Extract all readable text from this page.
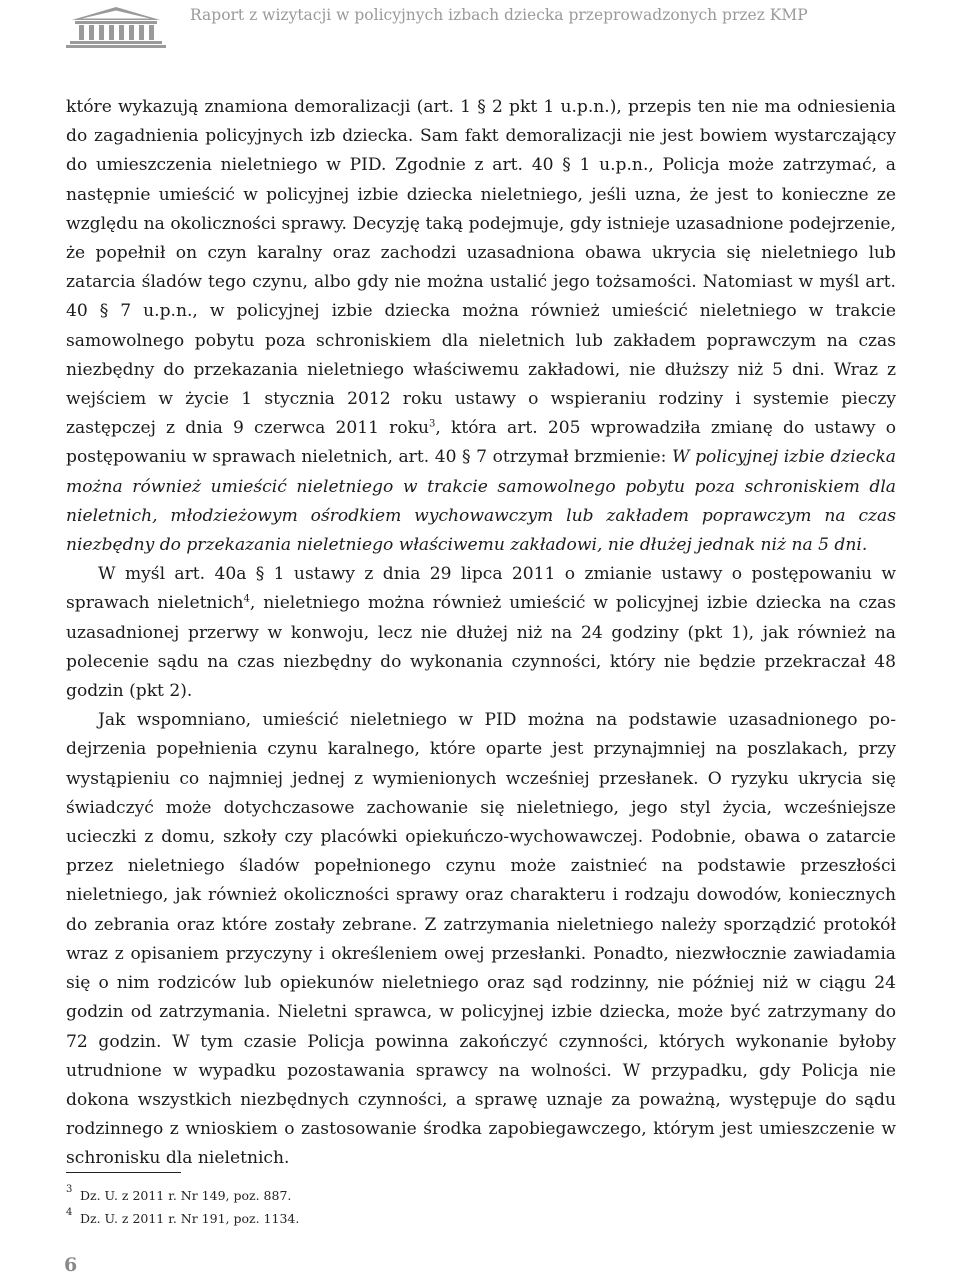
Raport z wizytacji w policyjnych izbach dziecka przeprowadzonych przez KMP

które wykazują znamiona demoralizacji (art. 1 § 2 pkt 1 u.p.n.), przepis ten nie ma odniesienia do zagadnienia policyjnych izb dziecka. Sam fakt demoralizacji nie jest bowiem wystarczający do umieszczenia nieletniego w PID. Zgodnie z art. 40 § 1 u.p.n., Policja może zatrzymać, a następnie umieścić w policyjnej izbie dziecka nieletniego, jeśli uzna, że jest to konieczne ze względu na okoliczności sprawy. Decyzję taką podejmuje, gdy istnieje uzasadnione podejrzenie, że popełnił on czyn karalny oraz zachodzi uzasadniona obawa ukrycia się nieletniego lub zatarcia śladów tego czynu, albo gdy nie można ustalić jego tożsamości. Natomiast w myśl art. 40 § 7 u.p.n., w policyjnej izbie dziecka można również umieścić nieletniego w trakcie samowolnego pobytu poza schroniskiem dla nieletnich lub zakładem poprawczym na czas niezbędny do przekazania nieletniego właściwemu zakładowi, nie dłuższy niż 5 dni. Wraz z wejściem w życie 1 stycznia 2012 roku ustawy o wspieraniu rodziny i systemie pieczy zastępczej z dnia 9 czerwca 2011 roku$^3$, która art. 205 wprowadziła zmianę do ustawy o postępowaniu w sprawach nieletnich, art. 40 § 7 otrzymał brzmienie: W policyjnej izbie dziecka można również umieścić nieletniego w trakcie samowolnego pobytu poza schroniskiem dla nieletnich, młodzieżowym ośrodkiem wychowawczym lub zakładem poprawczym na czas niezbędny do przekazania nieletniego właściwemu zakładowi, nie dłużej jednak niż na 5 dni.

W myśl art. 40a § 1 ustawy z dnia 29 lipca 2011 o zmianie ustawy o postępowaniu w sprawach nieletnich$^4$, nieletniego można również umieścić w policyjnej izbie dziecka na czas uzasadnionej przerwy w konwoju, lecz nie dłużej niż na 24 godziny (pkt 1), jak również na polecenie sądu na czas niezbędny do wykonania czynności, który nie będzie przekraczał 48 godzin (pkt 2).

Jak wspomniano, umieścić nieletniego w PID można na podstawie uzasadnionego podejrzenia popełnienia czynu karalnego, które oparte jest przynajmniej na poszlakach, przy wystąpieniu co najmniej jednej z wymienionych wcześniej przesłanek. O ryzyku ukrycia się świadczyć może dotychczasowe zachowanie się nieletniego, jego styl życia, wcześniejsze ucieczki z domu, szkoły czy placówki opiekuńczo-wychowawczej. Podobnie, obawa o zatarcie przez nieletniego śladów popełnionego czynu może zaistnieć na podstawie przeszłości nieletniego, jak również okoliczności sprawy oraz charakteru i rodzaju dowodów, koniecznych do zebrania oraz które zostały zebrane. Z zatrzymania nieletniego należy sporządzić protokół wraz z opisaniem przyczyny i określeniem owej przesłanki. Ponadto, niezwłocznie zawiadamia się o nim rodziców lub opiekunów nieletniego oraz sąd rodzinny, nie później niż w ciągu 24 godzin od zatrzymania. Nieletni sprawca, w policyjnej izbie dziecka, może być zatrzymany do 72 godzin. W tym czasie Policja powinna zakończyć czynności, których wykonanie byłoby utrudnione w wypadku pozostawania sprawcy na wolności. W przypadku, gdy Policja nie dokona wszystkich niezbędnych czynności, a sprawę uznaje za poważną, występuje do sądu rodzinnego z wnioskiem o zastosowanie środka zapobiegawczego, którym jest umieszczenie w schronisku dla nieletnich.

3 Dz. U. z 2011 r. Nr 149, poz. 887.
4 Dz. U. z 2011 r. Nr 191, poz. 1134.
6
